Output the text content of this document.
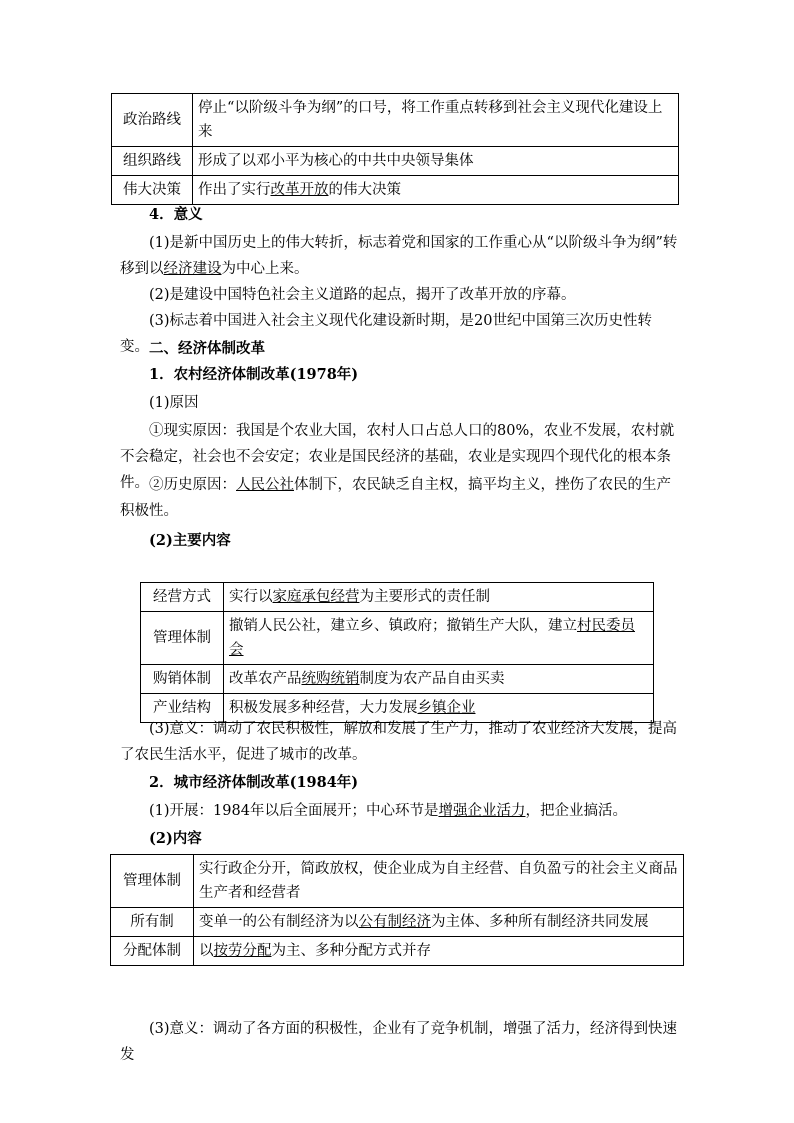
政治路线	停止“以阶级斗争为纲”的口号，将工作重点转移到社会主义现代化建设上来
组织路线	形成了以邓小平为核心的中共中央领导集体
伟大决策	作出了实行改革开放的伟大决策

4．意义

(1)是新中国历史上的伟大转折，标志着党和国家的工作重心从“以阶级斗争为纲”转移到以经济建设为中心上来。

(2)是建设中国特色社会主义道路的起点，揭开了改革开放的序幕。

(3)标志着中国进入社会主义现代化建设新时期，是20世纪中国第三次历史性转变。 二、经济体制改革

1．农村经济体制改革(1978年)

(1)原因

①现实原因：我国是个农业大国，农村人口占总人口的80%，农业不发展，农村就不会稳定，社会也不会安定；农业是国民经济的基础，农业是实现四个现代化的根本条件。 ②历史原因：人民公社体制下，农民缺乏自主权，搞平均主义，挫伤了农民的生产积极性。

(2)主要内容

经营方式	实行以家庭承包经营为主要形式的责任制
管理体制	撤销人民公社，建立乡、镇政府；撤销生产大队，建立村民委员会
购销体制	改革农产品统购统销制度为农产品自由买卖
产业结构	积极发展多种经营，大力发展乡镇企业

(3)意义：调动了农民积极性，解放和发展了生产力，推动了农业经济大发展，提高了农民生活水平，促进了城市的改革。

2．城市经济体制改革(1984年)

(1)开展：1984年以后全面展开；中心环节是增强企业活力，把企业搞活。

(2)内容

管理体制	实行政企分开，简政放权，使企业成为自主经营、自负盈亏的社会主义商品生产者和经营者
所有制	变单一的公有制经济为以公有制经济为主体、多种所有制经济共同发展
分配体制	以按劳分配为主、多种分配方式并存

(3)意义：调动了各方面的积极性，企业有了竞争机制，增强了活力，经济得到快速发
